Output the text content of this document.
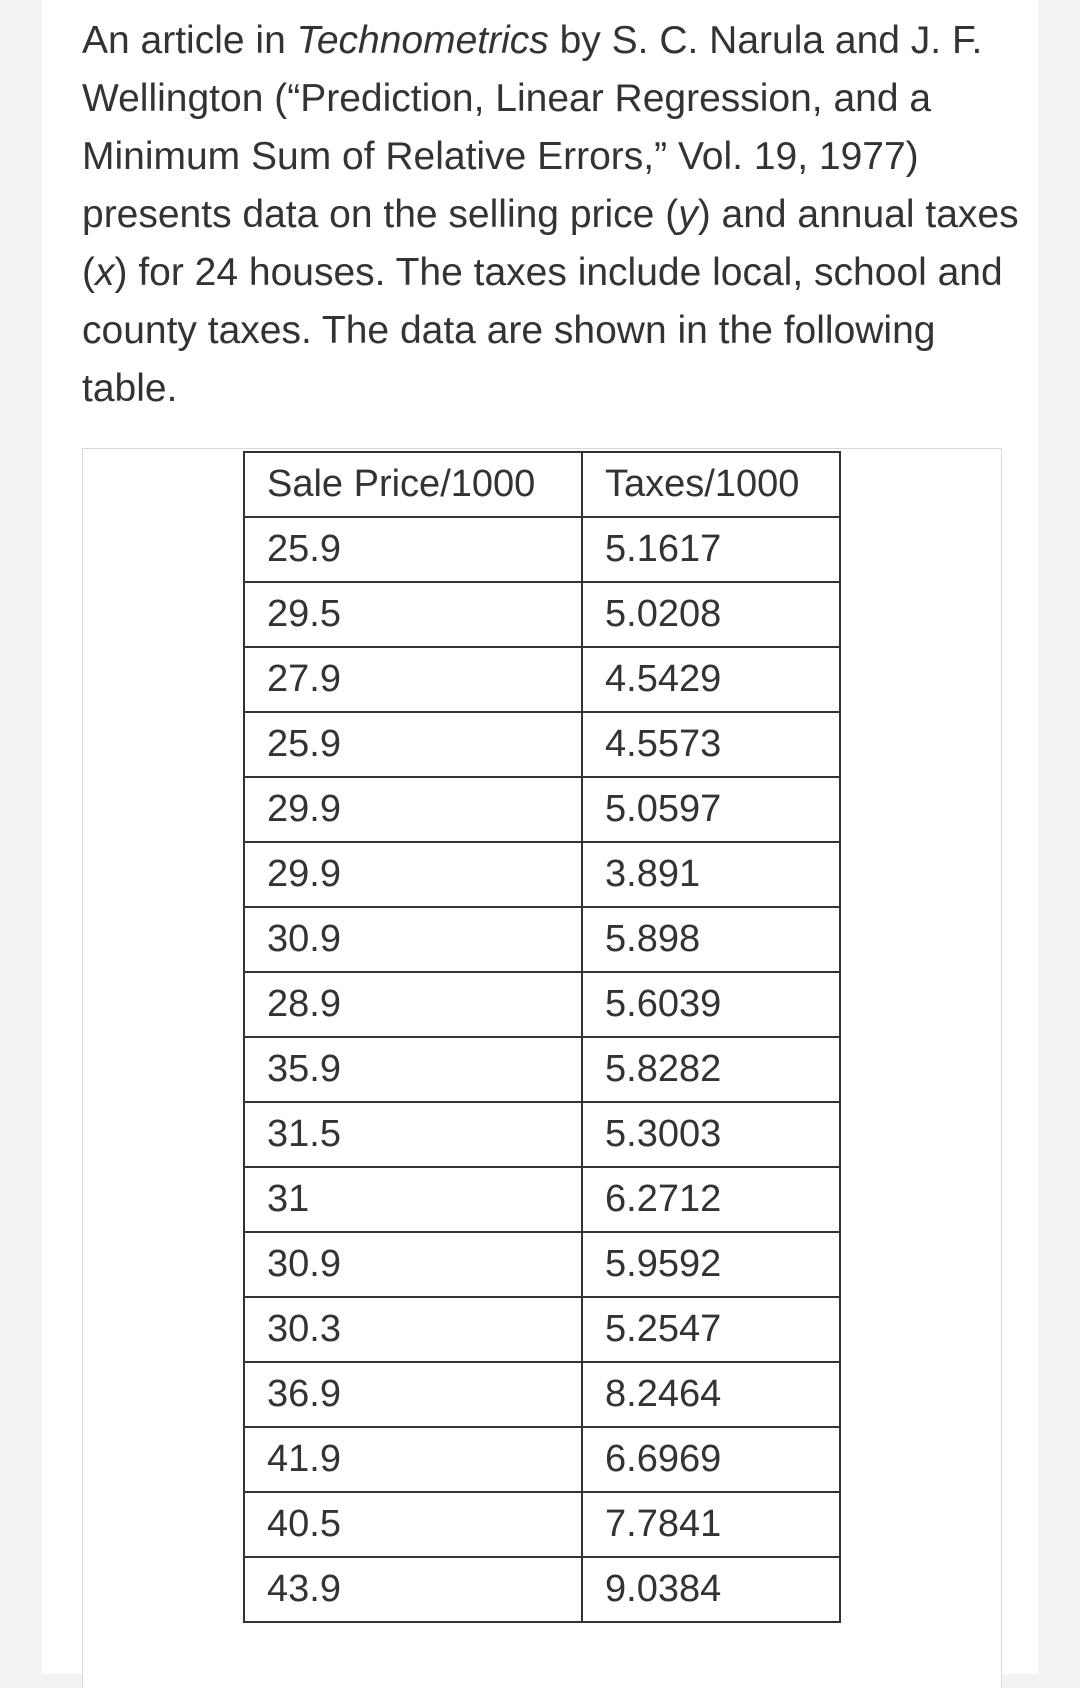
An article in Technometrics by S. C. Narula and J. F. Wellington (“Prediction, Linear Regression, and a Minimum Sum of Relative Errors,” Vol. 19, 1977) presents data on the selling price (y) and annual taxes (x) for 24 houses. The taxes include local, school and county taxes. The data are shown in the following table.

Sale Price/1000	Taxes/1000
25.9	5.1617
29.5	5.0208
27.9	4.5429
25.9	4.5573
29.9	5.0597
29.9	3.891
30.9	5.898
28.9	5.6039
35.9	5.8282
31.5	5.3003
31	6.2712
30.9	5.9592
30.3	5.2547
36.9	8.2464
41.9	6.6969
40.5	7.7841
43.9	9.0384
